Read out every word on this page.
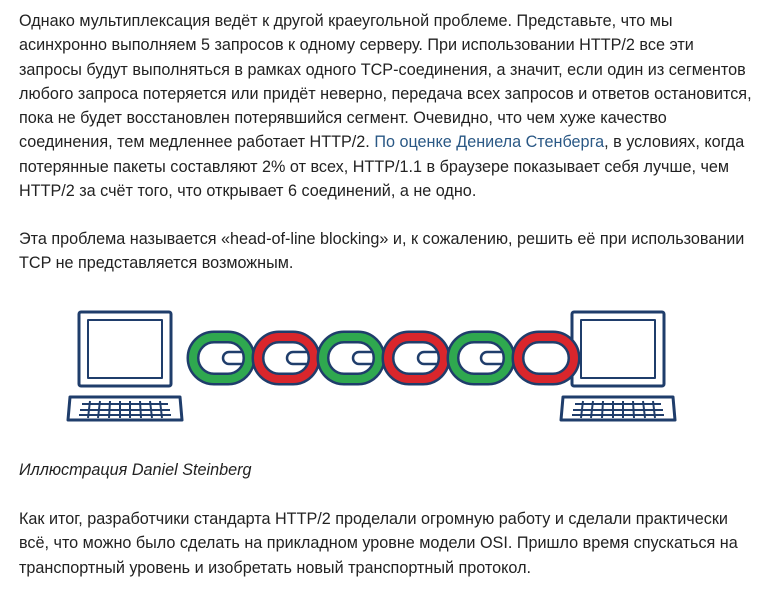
Однако мультиплексация ведёт к другой краеугольной проблеме. Представьте, что мы асинхронно выполняем 5 запросов к одному серверу. При использовании HTTP/2 все эти запросы будут выполняться в рамках одного TCP-соединения, а значит, если один из сегментов любого запроса потеряется или придёт неверно, передача всех запросов и ответов остановится, пока не будет восстановлен потерявшийся сегмент. Очевидно, что чем хуже качество соединения, тем медленнее работает HTTP/2. По оценке Дениела Стенберга, в условиях, когда потерянные пакеты составляют 2% от всех, HTTP/1.1 в браузере показывает себя лучше, чем HTTP/2 за счёт того, что открывает 6 соединений, а не одно.

Эта проблема называется «head-of-line blocking» и, к сожалению, решить её при использовании TCP не представляется возможным.

Иллюстрация Daniel Steinberg

Как итог, разработчики стандарта HTTP/2 проделали огромную работу и сделали практически всё, что можно было сделать на прикладном уровне модели OSI. Пришло время спускаться на транспортный уровень и изобретать новый транспортный протокол.
